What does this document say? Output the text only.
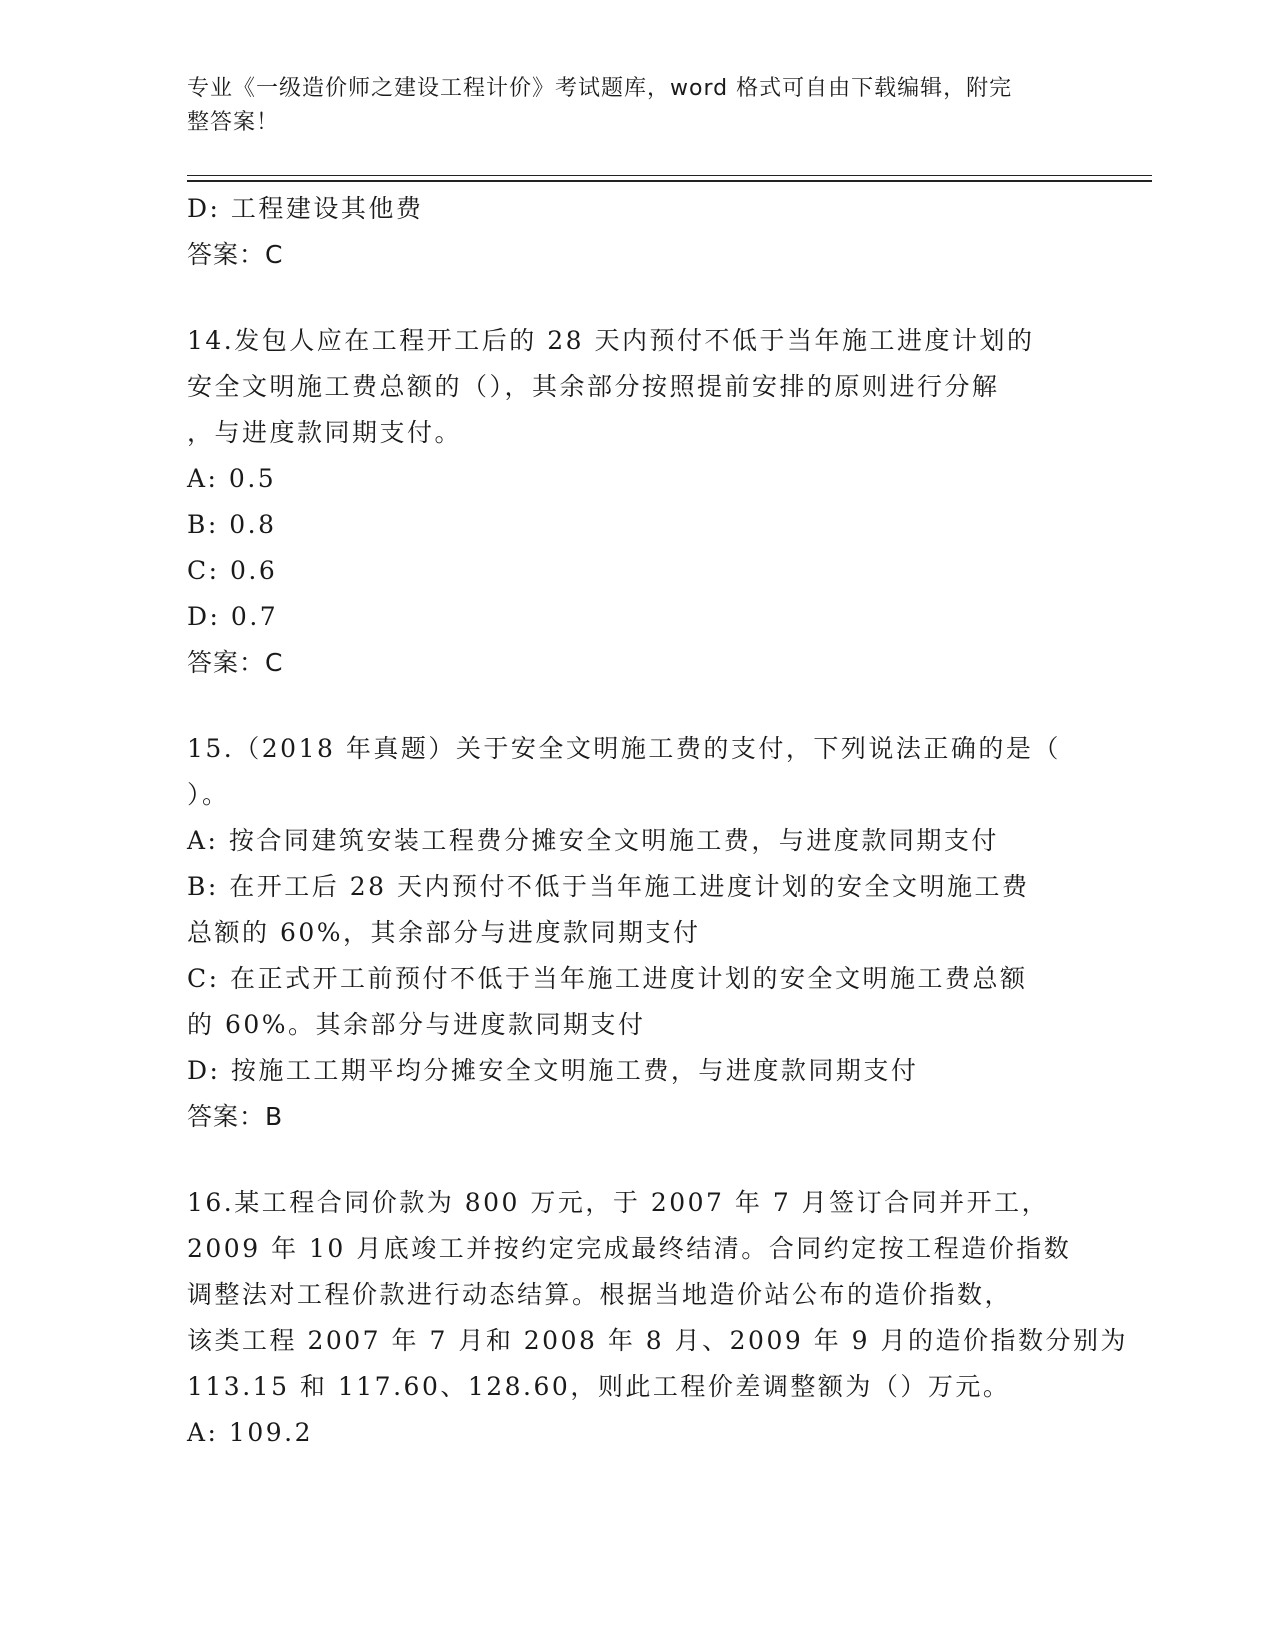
专业《一级造价师之建设工程计价》考试题库，word 格式可自由下载编辑，附完
整答案！
D: 工程建设其他费
答案：C
14.发包人应在工程开工后的 28 天内预付不低于当年施工进度计划的
安全文明施工费总额的（），其余部分按照提前安排的原则进行分解
，与进度款同期支付。
A: 0.5
B: 0.8
C: 0.6
D: 0.7
答案：C
15.（2018 年真题）关于安全文明施工费的支付，下列说法正确的是（
）。
A: 按合同建筑安装工程费分摊安全文明施工费，与进度款同期支付
B: 在开工后 28 天内预付不低于当年施工进度计划的安全文明施工费
总额的 60%，其余部分与进度款同期支付
C: 在正式开工前预付不低于当年施工进度计划的安全文明施工费总额
的 60%。其余部分与进度款同期支付
D: 按施工工期平均分摊安全文明施工费，与进度款同期支付
答案：B
16.某工程合同价款为 800 万元，于 2007 年 7 月签订合同并开工，
2009 年 10 月底竣工并按约定完成最终结清。合同约定按工程造价指数
调整法对工程价款进行动态结算。根据当地造价站公布的造价指数，
该类工程 2007 年 7 月和 2008 年 8 月、2009 年 9 月的造价指数分别为
113.15 和 117.60、128.60，则此工程价差调整额为（）万元。
A: 109.2
